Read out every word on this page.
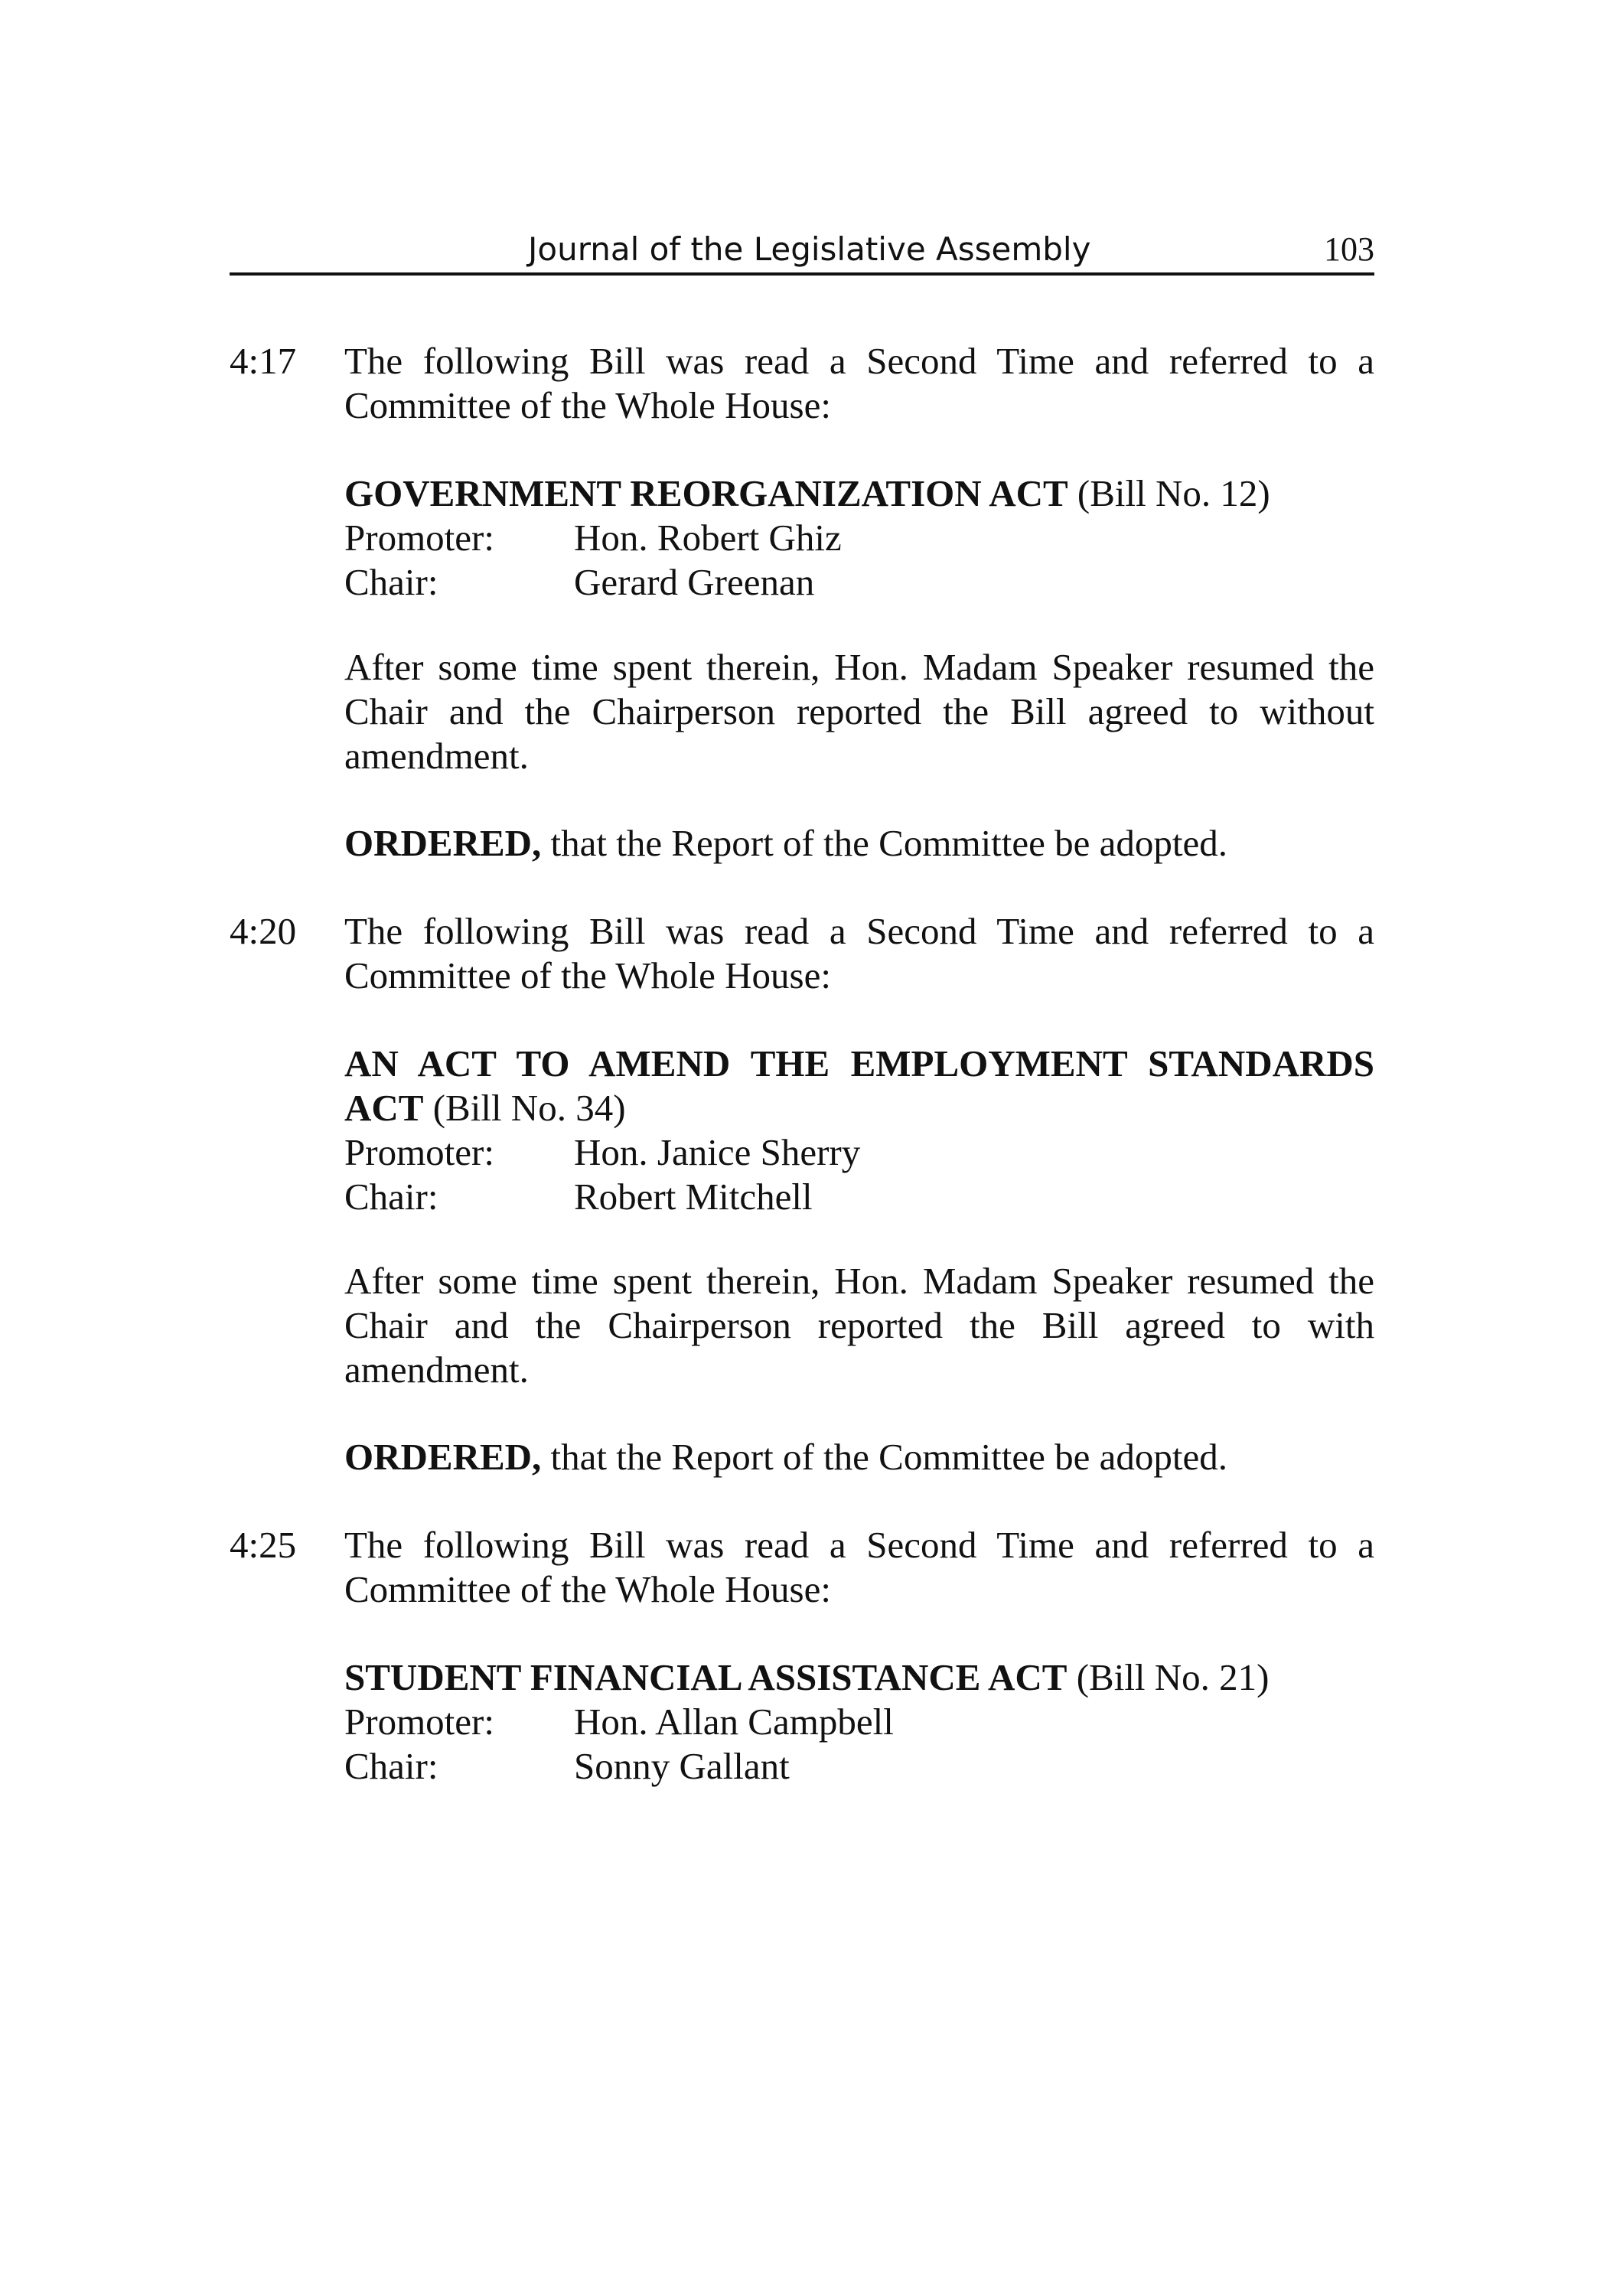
Journal of the Legislative Assembly	103
4:17	The following Bill was read a Second Time and referred to a Committee of the Whole House:

GOVERNMENT REORGANIZATION ACT (Bill No. 12)

Promoter:	Hon. Robert Ghiz
Chair:	Gerard Greenan

After some time spent therein, Hon. Madam Speaker resumed the Chair and the Chairperson reported the Bill agreed to without amendment.

ORDERED, that the Report of the Committee be adopted.

4:20	The following Bill was read a Second Time and referred to a Committee of the Whole House:

AN ACT TO AMEND THE EMPLOYMENT STANDARDS ACT (Bill No. 34)

Promoter:	Hon. Janice Sherry
Chair:	Robert Mitchell

After some time spent therein, Hon. Madam Speaker resumed the Chair and the Chairperson reported the Bill agreed to with amendment.

ORDERED, that the Report of the Committee be adopted.

4:25	The following Bill was read a Second Time and referred to a Committee of the Whole House:

STUDENT FINANCIAL ASSISTANCE ACT (Bill No. 21)

Promoter:	Hon. Allan Campbell
Chair:	Sonny Gallant
